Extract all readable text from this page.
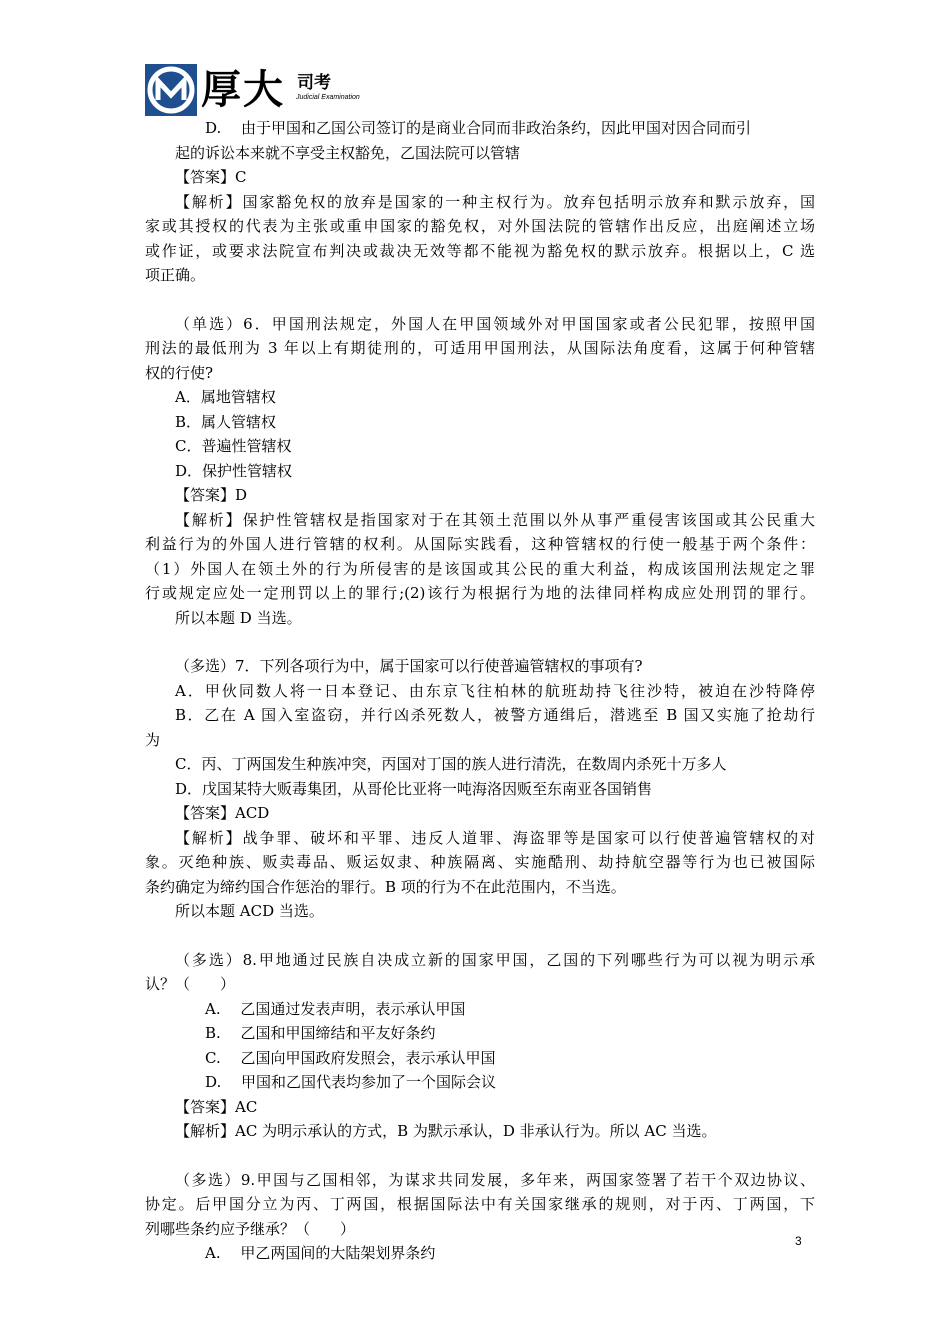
厚大 司考
Judicial Examination
D.　 由于甲国和乙国公司签订的是商业合同而非政治条约，因此甲国对因合同而引
起的诉讼本来就不享受主权豁免，乙国法院可以管辖
【答案】C
【解析】国家豁免权的放弃是国家的一种主权行为。放弃包括明示放弃和默示放弃，国
家或其授权的代表为主张或重申国家的豁免权，对外国法院的管辖作出反应，出庭阐述立场
或作证，或要求法院宣布判决或裁决无效等都不能视为豁免权的默示放弃。根据以上，C 选
项正确。
（单选）6．甲国刑法规定，外国人在甲国领域外对甲国国家或者公民犯罪，按照甲国
刑法的最低刑为 3 年以上有期徒刑的，可适用甲国刑法，从国际法角度看，这属于何种管辖
权的行使?
A．属地管辖权
B．属人管辖权
C．普遍性管辖权
D．保护性管辖权
【答案】D
【解析】保护性管辖权是指国家对于在其领土范围以外从事严重侵害该国或其公民重大
利益行为的外国人进行管辖的权利。从国际实践看，这种管辖权的行使一般基于两个条件：
（1）外国人在领土外的行为所侵害的是该国或其公民的重大利益，构成该国刑法规定之罪
行或规定应处一定刑罚以上的罪行;(2)该行为根据行为地的法律同样构成应处刑罚的罪行。
所以本题 D 当选。
（多选）7．下列各项行为中，属于国家可以行使普遍管辖权的事项有?
A．甲伙同数人将一日本登记、由东京飞往柏林的航班劫持飞往沙特，被迫在沙特降停
B．乙在 A 国入室盗窃，并行凶杀死数人，被警方通缉后，潜逃至 B 国又实施了抢劫行
为
C．丙、丁两国发生种族冲突，丙国对丁国的族人进行清洗，在数周内杀死十万多人
D．戊国某特大贩毒集团，从哥伦比亚将一吨海洛因贩至东南亚各国销售
【答案】ACD
【解析】战争罪、破坏和平罪、违反人道罪、海盗罪等是国家可以行使普遍管辖权的对
象。灭绝种族、贩卖毒品、贩运奴隶、种族隔离、实施酷刑、劫持航空器等行为也已被国际
条约确定为缔约国合作惩治的罪行。B 项的行为不在此范围内，不当选。
所以本题 ACD 当选。
（多选）8.甲地通过民族自决成立新的国家甲国，乙国的下列哪些行为可以视为明示承
认？（　　）
A.　 乙国通过发表声明，表示承认甲国
B.　 乙国和甲国缔结和平友好条约
C.　 乙国向甲国政府发照会，表示承认甲国
D.　 甲国和乙国代表均参加了一个国际会议
【答案】AC
【解析】AC 为明示承认的方式，B 为默示承认，D 非承认行为。所以 AC 当选。
（多选）9.甲国与乙国相邻，为谋求共同发展，多年来，两国家签署了若干个双边协议、
协定。后甲国分立为丙、丁两国，根据国际法中有关国家继承的规则，对于丙、丁两国，下
列哪些条约应予继承？（　　）
A.　 甲乙两国间的大陆架划界条约
3
